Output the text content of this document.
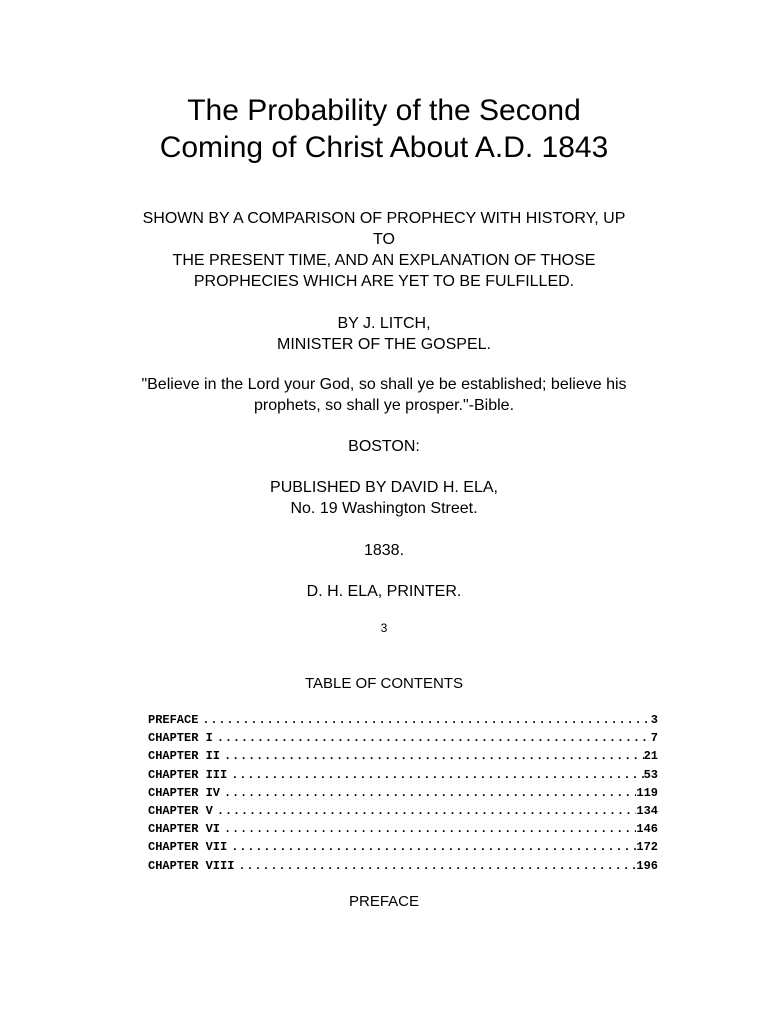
The Probability of the Second
Coming of Christ About A.D. 1843

SHOWN BY A COMPARISON OF PROPHECY WITH HISTORY, UP
TO
THE PRESENT TIME, AND AN EXPLANATION OF THOSE
PROPHECIES WHICH ARE YET TO BE FULFILLED.

BY J. LITCH,
MINISTER OF THE GOSPEL.

"Believe in the Lord your God, so shall ye be established; believe his
prophets, so shall ye prosper."-Bible.

BOSTON:

PUBLISHED BY DAVID H. ELA,
No. 19 Washington Street.

1838.

D. H. ELA, PRINTER.

3
TABLE OF CONTENTS
PREFACE . . .	3
CHAPTER I . . .	7
CHAPTER II . . .	21
CHAPTER III . . .	53
CHAPTER IV . . .	119
CHAPTER V . . .	134
CHAPTER VI . . .	146
CHAPTER VII . . .	172
CHAPTER VIII . . .	196
PREFACE
